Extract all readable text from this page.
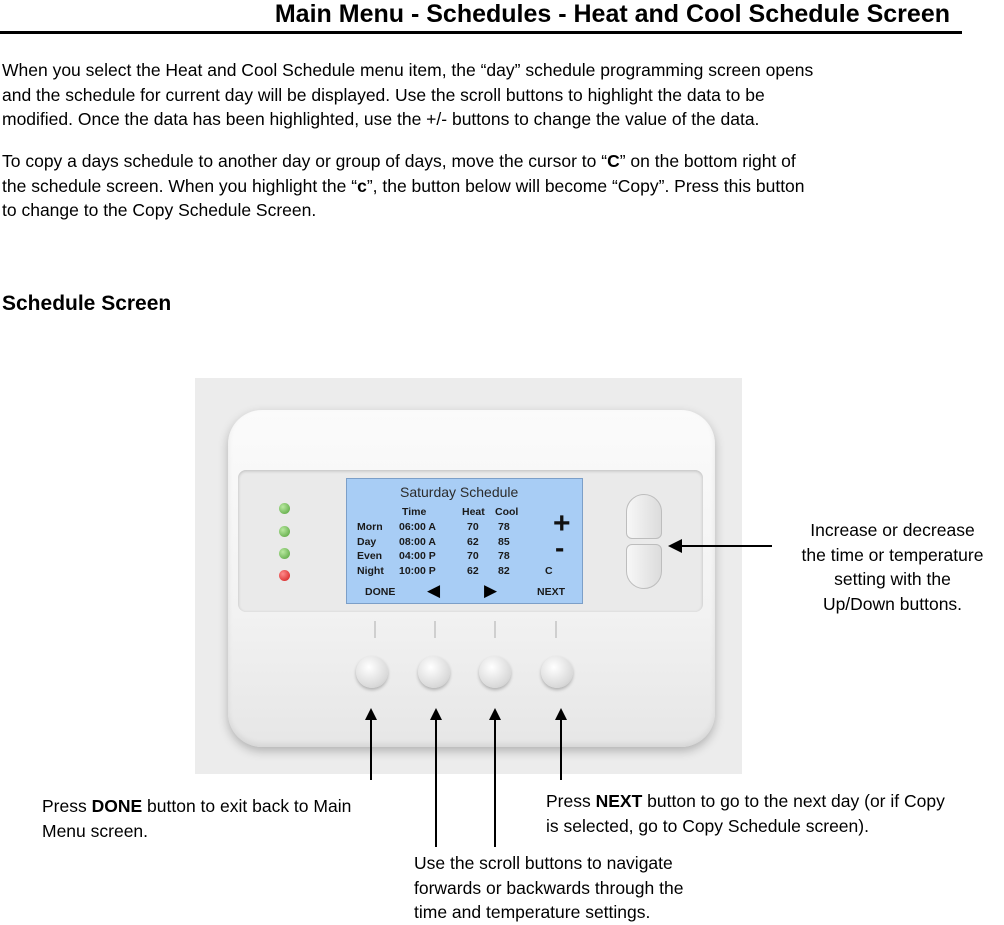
Main Menu - Schedules - Heat and Cool Schedule Screen

When you select the Heat and Cool Schedule menu item, the “day” schedule programming screen opens
and the schedule for current day will be displayed. Use the scroll buttons to highlight the data to be
modified. Once the data has been highlighted, use the +/- buttons to change the value of the data.

To copy a days schedule to another day or group of days, move the cursor to “C” on the bottom right of
the schedule screen. When you highlight the “c”, the button below will become “Copy”. Press this button
to change to the Copy Schedule Screen.

Schedule Screen
Saturday Schedule
Time	Heat Cool
Morn 06:00 A	70 78
Day 08:00 A	62 85
Even 04:00 P	70 78
Night 10:00 P	62 82
+
-
C
DONE ◀	▶	NEXT
Increase or decrease
the time or temperature
setting with the
Up/Down buttons.

Press DONE button to exit back to Main
Menu screen.

Press NEXT button to go to the next day (or if Copy
is selected, go to Copy Schedule screen).

Use the scroll buttons to navigate
forwards or backwards through the
time and temperature settings.
